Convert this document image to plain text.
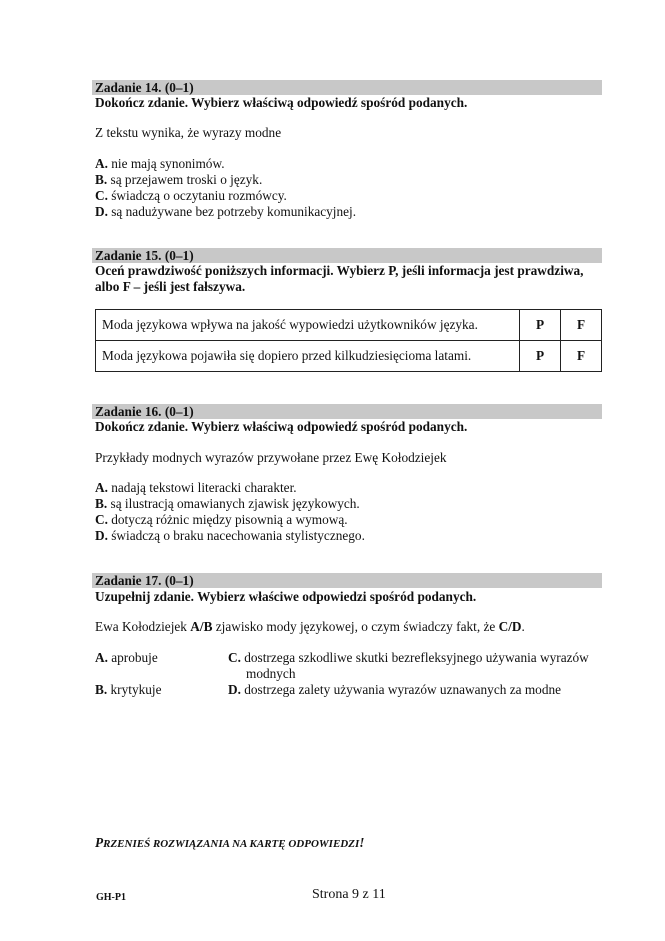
Zadanie 14. (0–1)
Dokończ zdanie. Wybierz właściwą odpowiedź spośród podanych.
Z tekstu wynika, że wyrazy modne
A. nie mają synonimów.
B. są przejawem troski o język.
C. świadczą o oczytaniu rozmówcy.
D. są nadużywane bez potrzeby komunikacyjnej.
Zadanie 15. (0–1)
Oceń prawdziwość poniższych informacji. Wybierz P, jeśli informacja jest prawdziwa,
albo F – jeśli jest fałszywa.
Moda językowa wpływa na jakość wypowiedzi użytkowników języka.	P	F
Moda językowa pojawiła się dopiero przed kilkudziesięcioma latami.	P	F
Zadanie 16. (0–1)
Dokończ zdanie. Wybierz właściwą odpowiedź spośród podanych.
Przykłady modnych wyrazów przywołane przez Ewę Kołodziejek
A. nadają tekstowi literacki charakter.
B. są ilustracją omawianych zjawisk językowych.
C. dotyczą różnic między pisownią a wymową.
D. świadczą o braku nacechowania stylistycznego.
Zadanie 17. (0–1)
Uzupełnij zdanie. Wybierz właściwe odpowiedzi spośród podanych.
Ewa Kołodziejek A/B zjawisko mody językowej, o czym świadczy fakt, że C/D.
A. aprobuje
B. krytykuje
C. dostrzega szkodliwe skutki bezrefleksyjnego używania wyrazów
modnych
D. dostrzega zalety używania wyrazów uznawanych za modne
PRZENIEŚ ROZWIĄZANIA NA KARTĘ ODPOWIEDZI!
GH-P1	Strona 9 z 11
